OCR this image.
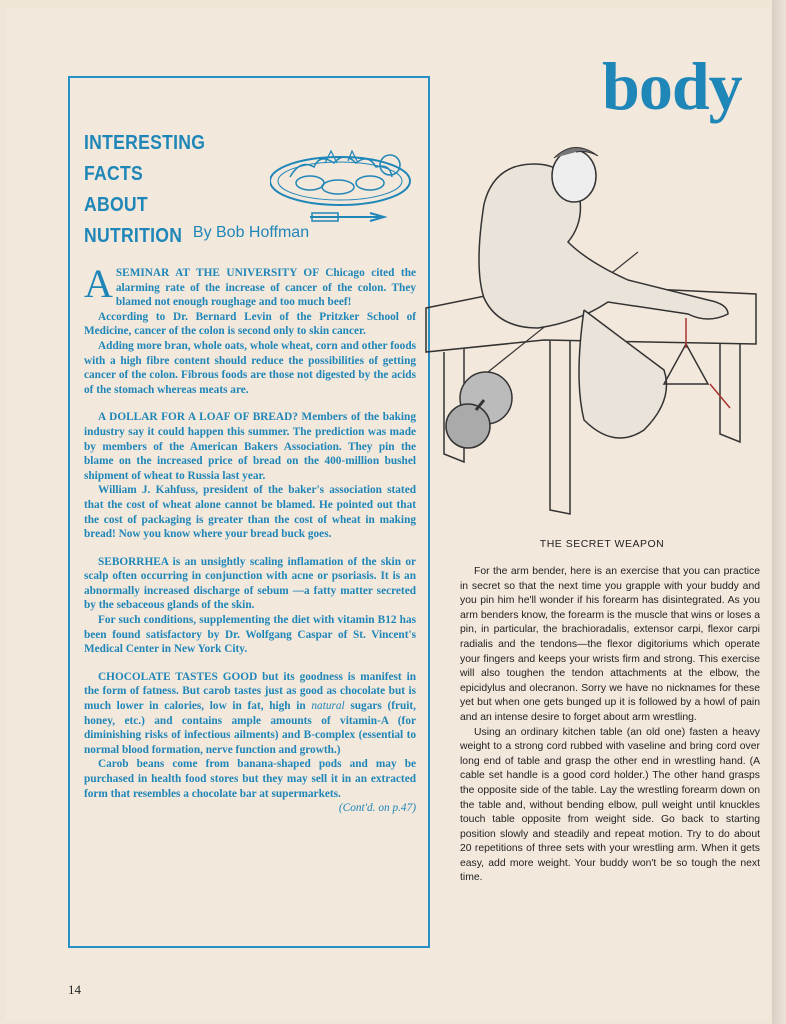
INTERESTING FACTS
ABOUT NUTRITION By Bob Hoffman

ASEMINAR AT THE UNIVERSITY OF Chicago cited the alarming rate of the increase of cancer of the colon. They blamed not enough roughage and too much beef!

According to Dr. Bernard Levin of the Pritzker School of Medicine, cancer of the colon is second only to skin cancer.

Adding more bran, whole oats, whole wheat, corn and other foods with a high fibre content should reduce the possibilities of getting cancer of the colon. Fibrous foods are those not digested by the acids of the stomach whereas meats are.

A DOLLAR FOR A LOAF OF BREAD? Members of the baking industry say it could happen this summer. The prediction was made by members of the American Bakers Association. They pin the blame on the increased price of bread on the 400-million bushel shipment of wheat to Russia last year.

William J. Kahfuss, president of the baker's association stated that the cost of wheat alone cannot be blamed. He pointed out that the cost of packaging is greater than the cost of wheat in making bread! Now you know where your bread buck goes.

SEBORRHEA is an unsightly scaling inflamation of the skin or scalp often occurring in conjunction with acne or psoriasis. It is an abnormally increased discharge of sebum —a fatty matter secreted by the sebaceous glands of the skin.

For such conditions, supplementing the diet with vitamin B12 has been found satisfactory by Dr. Wolfgang Caspar of St. Vincent's Medical Center in New York City.

CHOCOLATE TASTES GOOD but its goodness is manifest in the form of fatness. But carob tastes just as good as chocolate but is much lower in calories, low in fat, high in natural sugars (fruit, honey, etc.) and contains ample amounts of vitamin-A (for diminishing risks of infectious ailments) and B-complex (essential to normal blood formation, nerve function and growth.)

Carob beans come from banana-shaped pods and may be purchased in health food stores but they may sell it in an extracted form that resembles a chocolate bar at supermarkets.
(Cont'd. on p.47)

body
THE SECRET WEAPON

For the arm bender, here is an exercise that you can practice in secret so that the next time you grapple with your buddy and you pin him he'll wonder if his forearm has disintegrated. As you arm benders know, the forearm is the muscle that wins or loses a pin, in particular, the brachioradalis, extensor carpi, flexor carpi radialis and the tendons—the flexor digitoriums which operate your fingers and keeps your wrists firm and strong. This exercise will also toughen the tendon attachments at the elbow, the epicidylus and olecranon. Sorry we have no nicknames for these yet but when one gets bunged up it is followed by a howl of pain and an intense desire to forget about arm wrestling.

Using an ordinary kitchen table (an old one) fasten a heavy weight to a strong cord rubbed with vaseline and bring cord over long end of table and grasp the other end in wrestling hand. (A cable set handle is a good cord holder.) The other hand grasps the opposite side of the table. Lay the wrestling forearm down on the table and, without bending elbow, pull weight until knuckles touch table opposite from weight side. Go back to starting position slowly and steadily and repeat motion. Try to do about 20 repetitions of three sets with your wrestling arm. When it gets easy, add more weight. Your buddy won't be so tough the next time.

14
